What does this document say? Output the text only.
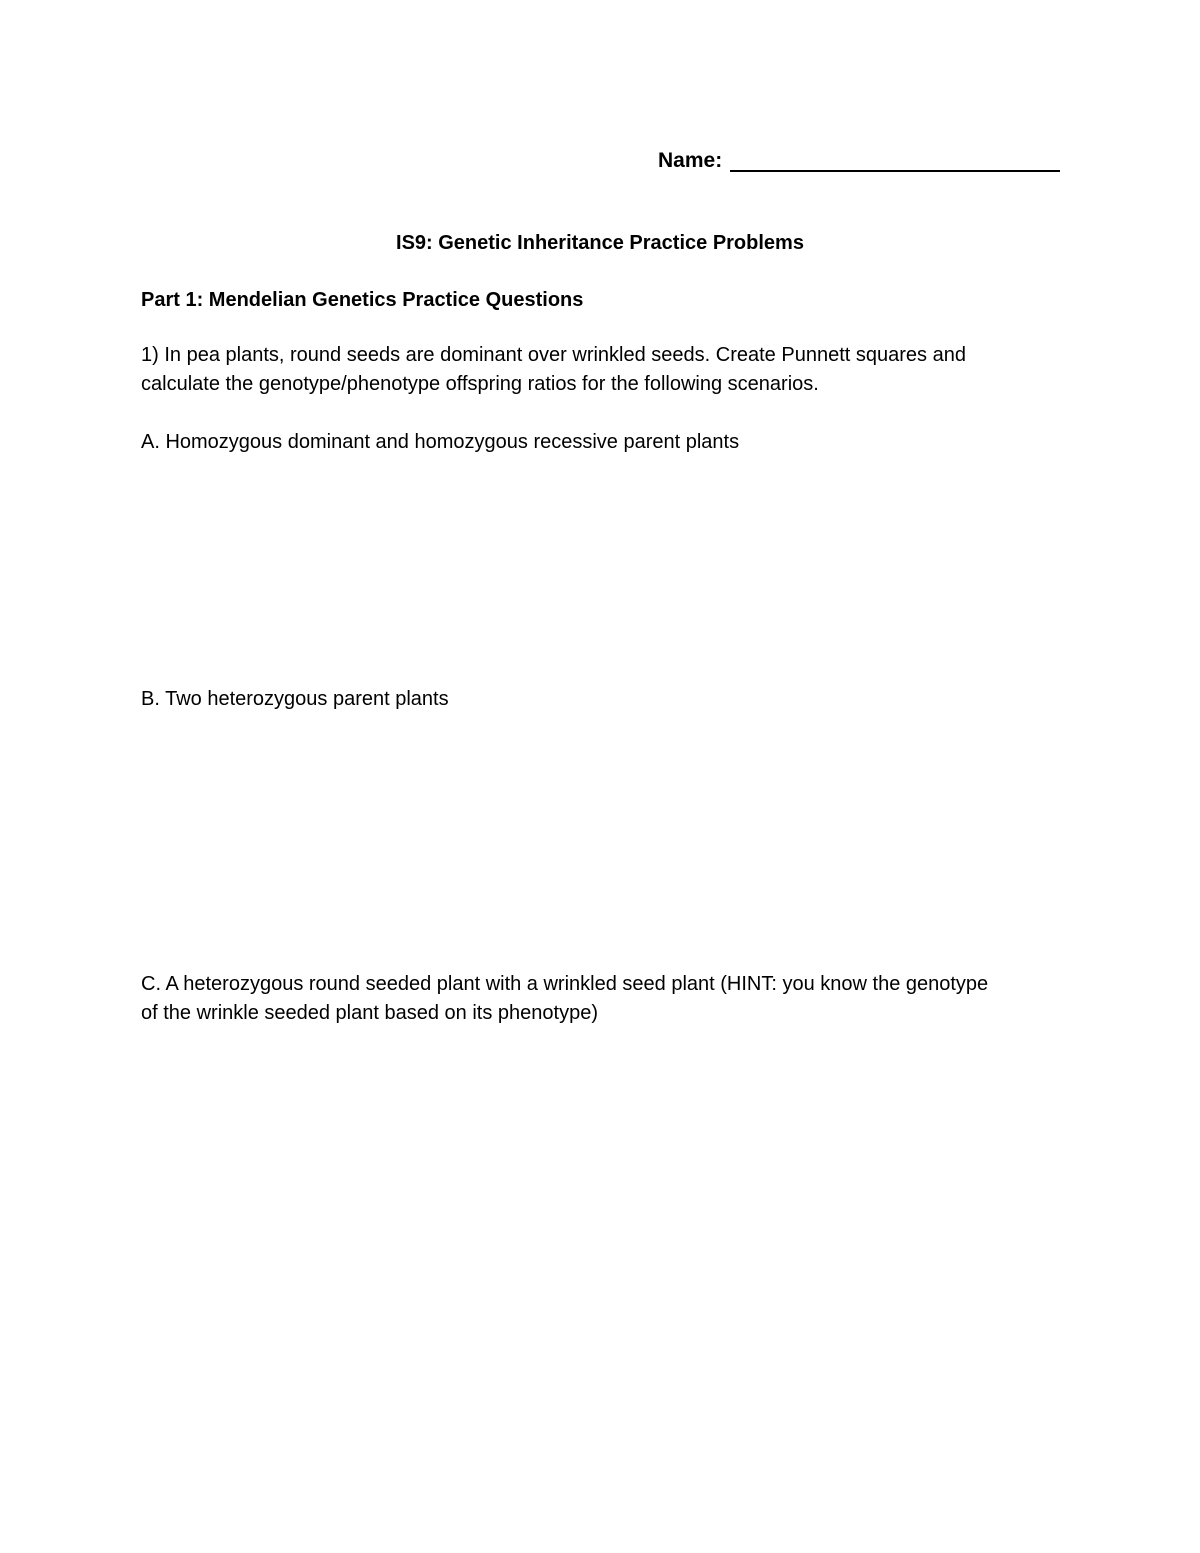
Name:
IS9: Genetic Inheritance Practice Problems
Part 1: Mendelian Genetics Practice Questions
1) In pea plants, round seeds are dominant over wrinkled seeds. Create Punnett squares and
calculate the genotype/phenotype offspring ratios for the following scenarios.
A. Homozygous dominant and homozygous recessive parent plants
B. Two heterozygous parent plants
C. A heterozygous round seeded plant with a wrinkled seed plant (HINT: you know the genotype
of the wrinkle seeded plant based on its phenotype)
